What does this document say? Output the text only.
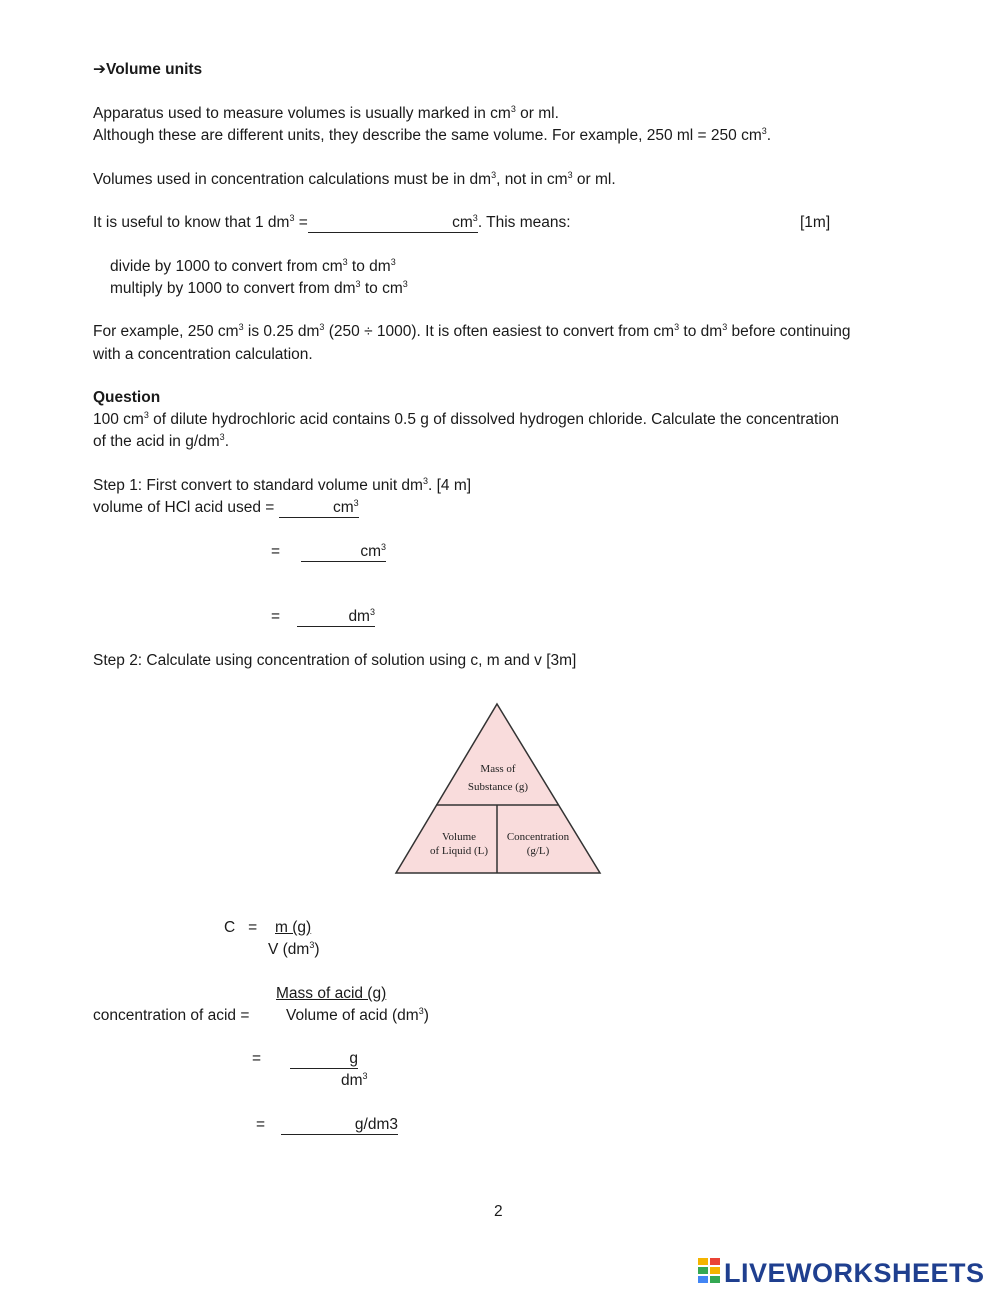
➔Volume units
Apparatus used to measure volumes is usually marked in $cm^3$ or ml.
Although these are different units, they describe the same volume. For example, 250 ml = 250 $cm^3$.
Volumes used in concentration calculations must be in $dm^3$, not in $cm^3$ or ml.
It is useful to know that 1 $dm^3$ =	$cm^3$. This means:	[1m]
divide by 1000 to convert from $cm^3$ to $dm^3$
multiply by 1000 to convert from $dm^3$ to $cm^3$
For example, 250 $cm^3$ is 0.25 $dm^3$ (250 ÷ 1000). It is often easiest to convert from $cm^3$ to $dm^3$ before continuing
with a concentration calculation.
Question
100 $cm^3$ of dilute hydrochloric acid contains 0.5 g of dissolved hydrogen chloride. Calculate the concentration
of the acid in $g/dm^3$.
Step 1: First convert to standard volume unit $dm^3$. [4 m]
volume of HCl acid used =	$cm^3$
=	$cm^3$
=	$dm^3$
Step 2: Calculate using concentration of solution using c, m and v [3m]
Mass of
Substance (g)
Volume
of Liquid (L)
Concentration
(g/L)
C   = m (g)
V $(dm^3)$
Mass of acid (g)
concentration of acid = Volume of acid $(dm^3)$
=	g
$dm^3$
=	g/dm3
2
LIVEWORKSHEETS
